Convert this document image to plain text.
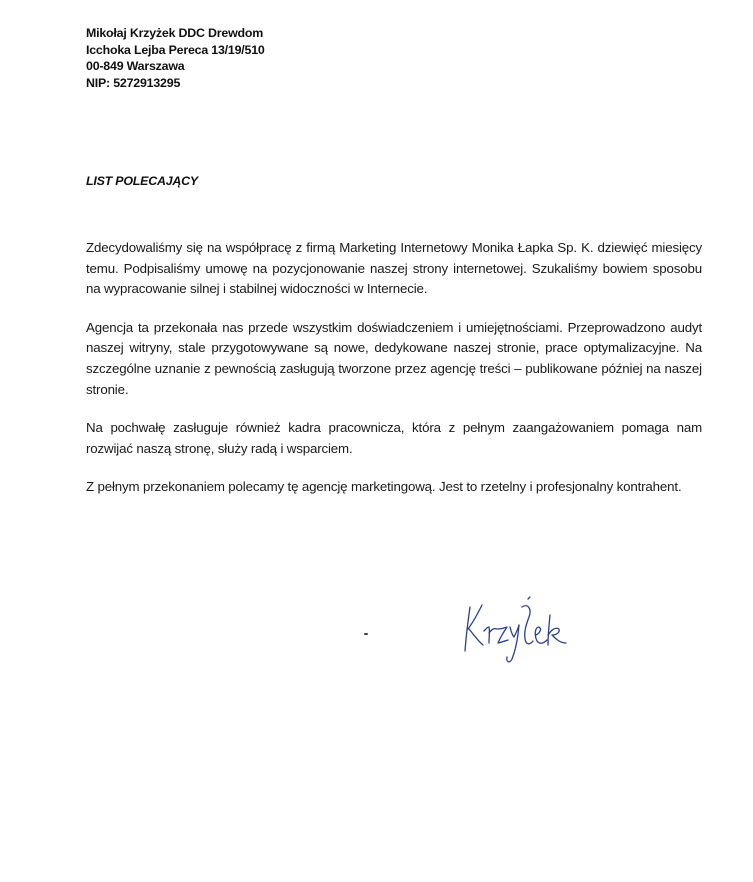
Mikołaj Krzyżek DDC Drewdom
Icchoka Lejba Pereca 13/19/510
00-849 Warszawa
NIP: 5272913295
LIST POLECAJĄCY

Zdecydowaliśmy się na współpracę z firmą Marketing Internetowy Monika Łapka Sp. K. dziewięć miesięcy temu. Podpisaliśmy umowę na pozycjonowanie naszej strony internetowej. Szukaliśmy bowiem sposobu na wypracowanie silnej i stabilnej widoczności w Internecie.

Agencja ta przekonała nas przede wszystkim doświadczeniem i umiejętnościami. Przeprowadzono audyt naszej witryny, stale przygotowywane są nowe, dedykowane naszej stronie, prace optymalizacyjne. Na szczególne uznanie z pewnością zasługują tworzone przez agencję treści – publikowane później na naszej stronie.

Na pochwałę zasługuje również kadra pracownicza, która z pełnym zaangażowaniem pomaga nam rozwijać naszą stronę, służy radą i wsparciem.

Z pełnym przekonaniem polecamy tę agencję marketingową. Jest to rzetelny i profesjonalny kontrahent.
